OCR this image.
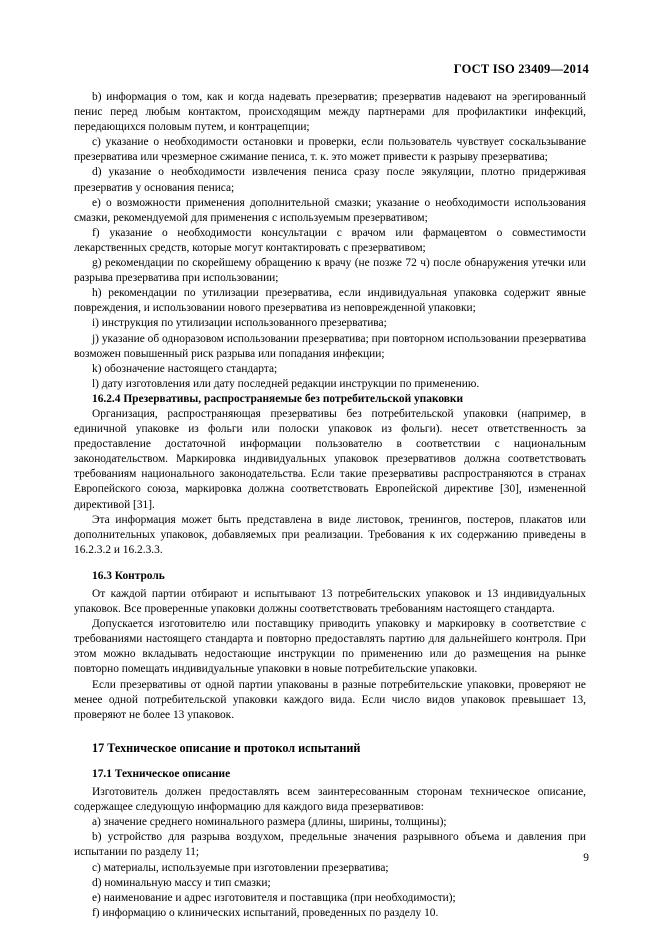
ГОСТ ISO 23409—2014

b) информация о том, как и когда надевать презерватив; презерватив надевают на эрегированный пенис перед любым контактом, происходящим между партнерами для профилактики инфекций, передающихся половым путем, и контрацепции;

c) указание о необходимости остановки и проверки, если пользователь чувствует соскальзывание презерватива или чрезмерное сжимание пениса, т. к. это может привести к разрыву презерватива;

d) указание о необходимости извлечения пениса сразу после эякуляции, плотно придерживая презерватив у основания пениса;

e) о возможности применения дополнительной смазки; указание о необходимости использования смазки, рекомендуемой для применения с используемым презервативом;

f) указание о необходимости консультации с врачом или фармацевтом о совместимости лекарственных средств, которые могут контактировать с презервативом;

g) рекомендации по скорейшему обращению к врачу (не позже 72 ч) после обнаружения утечки или разрыва презерватива при использовании;

h) рекомендации по утилизации презерватива, если индивидуальная упаковка содержит явные повреждения, и использовании нового презерватива из неповрежденной упаковки;

i) инструкция по утилизации использованного презерватива;

j) указание об одноразовом использовании презерватива; при повторном использовании презерватива возможен повышенный риск разрыва или попадания инфекции;

k) обозначение настоящего стандарта;

l) дату изготовления или дату последней редакции инструкции по применению.

16.2.4 Презервативы, распространяемые без потребительской упаковки

Организация, распространяющая презервативы без потребительской упаковки (например, в единичной упаковке из фольги или полоски упаковок из фольги). несет ответственность за предоставление достаточной информации пользователю в соответствии с национальным законодательством. Маркировка индивидуальных упаковок презервативов должна соответствовать требованиям национального законодательства. Если такие презервативы распространяются в странах Европейского союза, маркировка должна соответствовать Европейской директиве [30], измененной директивой [31].

Эта информация может быть представлена в виде листовок, тренингов, постеров, плакатов или дополнительных упаковок, добавляемых при реализации. Требования к их содержанию приведены в 16.2.3.2 и 16.2.3.3.

16.3 Контроль

От каждой партии отбирают и испытывают 13 потребительских упаковок и 13 индивидуальных упаковок. Все проверенные упаковки должны соответствовать требованиям настоящего стандарта.

Допускается изготовителю или поставщику приводить упаковку и маркировку в соответствие с требованиями настоящего стандарта и повторно предоставлять партию для дальнейшего контроля. При этом можно вкладывать недостающие инструкции по применению или до размещения на рынке повторно помещать индивидуальные упаковки в новые потребительские упаковки.

Если презервативы от одной партии упакованы в разные потребительские упаковки, проверяют не менее одной потребительской упаковки каждого вида. Если число видов упаковок превышает 13, проверяют не более 13 упаковок.

17 Техническое описание и протокол испытаний

17.1 Техническое описание

Изготовитель должен предоставлять всем заинтересованным сторонам техническое описание, содержащее следующую информацию для каждого вида презервативов:

a) значение среднего номинального размера (длины, ширины, толщины);

b) устройство для разрыва воздухом, предельные значения разрывного объема и давления при испытании по разделу 11;

c) материалы, используемые при изготовлении презерватива;

d) номинальную массу и тип смазки;

e) наименование и адрес изготовителя и поставщика (при необходимости);

f) информацию о клинических испытаний, проведенных по разделу 10.

9
